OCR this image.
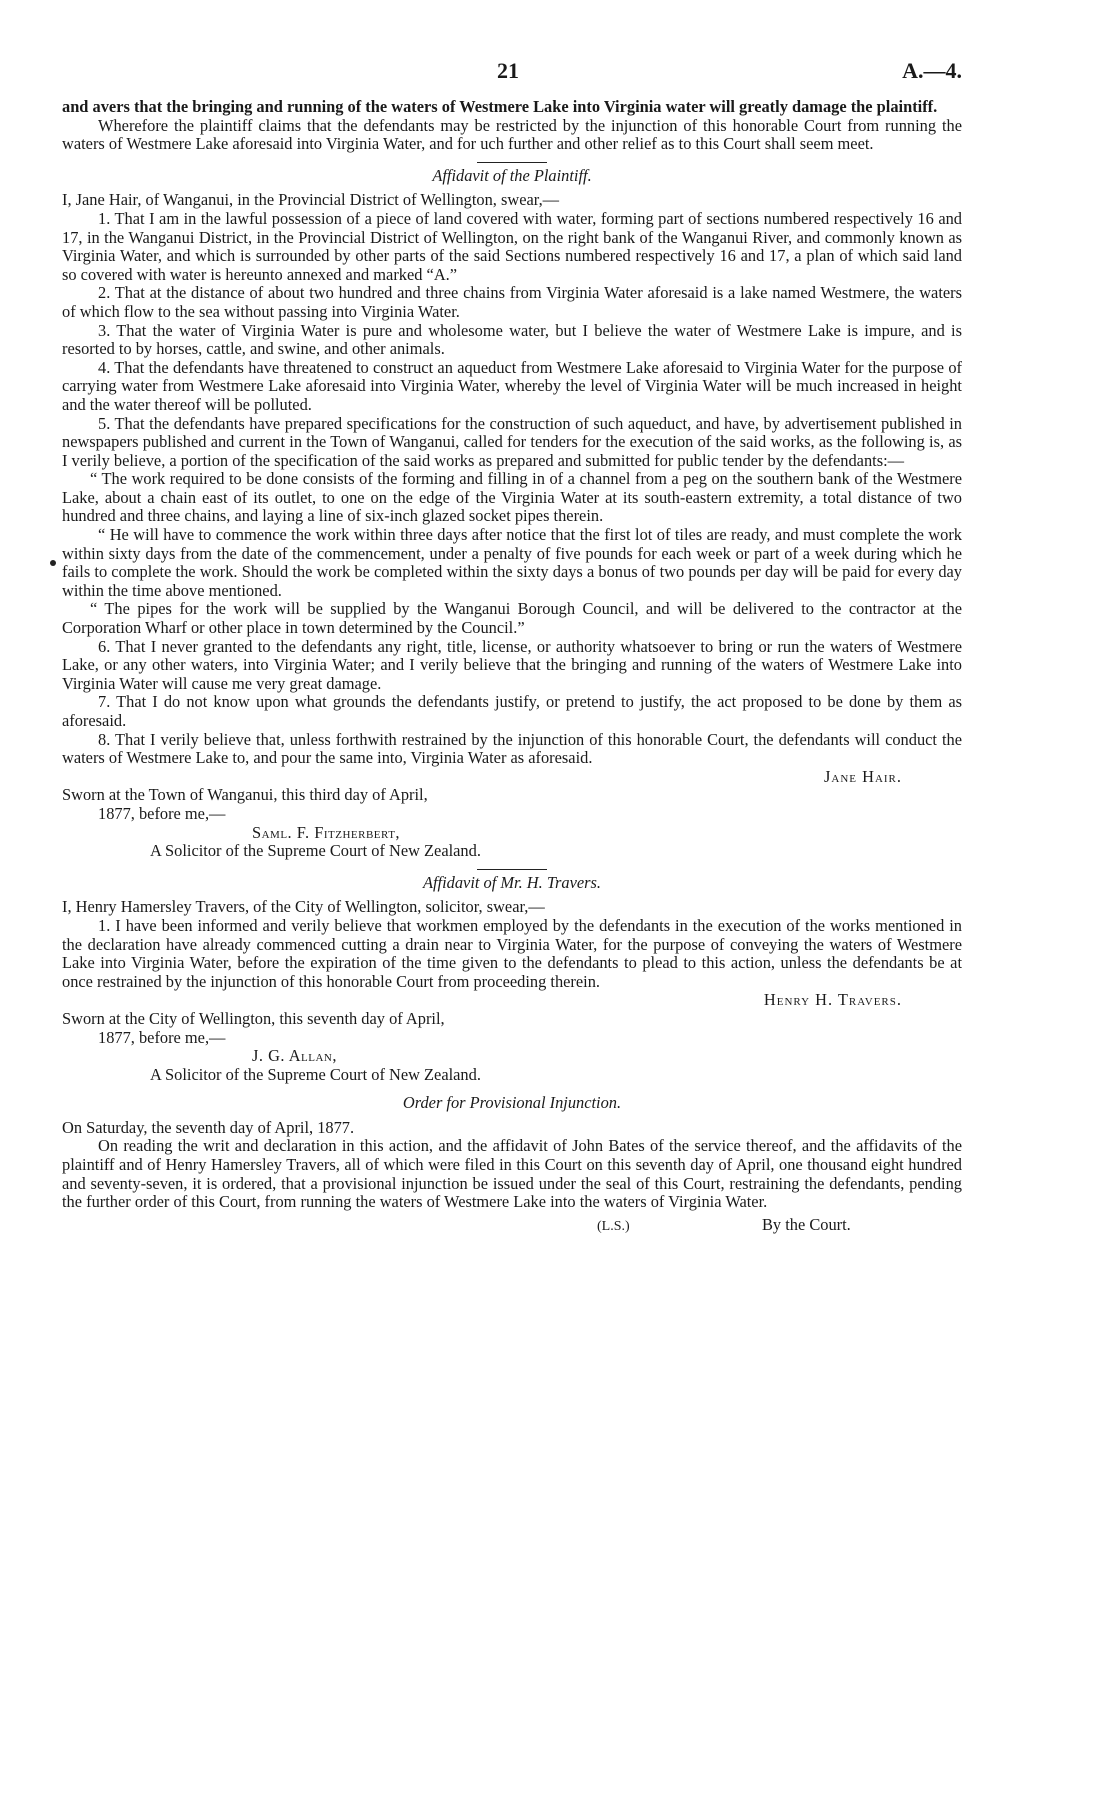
21	A.—4.

and avers that the bringing and running of the waters of Westmere Lake into Virginia water will greatly damage the plaintiff.

Wherefore the plaintiff claims that the defendants may be restricted by the injunction of this honorable Court from running the waters of Westmere Lake aforesaid into Virginia Water, and for uch further and other relief as to this Court shall seem meet.

Affidavit of the Plaintiff.

I, Jane Hair, of Wanganui, in the Provincial District of Wellington, swear,—

1. That I am in the lawful possession of a piece of land covered with water, forming part of sections numbered respectively 16 and 17, in the Wanganui District, in the Provincial District of Wellington, on the right bank of the Wanganui River, and commonly known as Virginia Water, and which is surrounded by other parts of the said Sections numbered respectively 16 and 17, a plan of which said land so covered with water is hereunto annexed and marked “A.”

2. That at the distance of about two hundred and three chains from Virginia Water aforesaid is a lake named Westmere, the waters of which flow to the sea without passing into Virginia Water.

3. That the water of Virginia Water is pure and wholesome water, but I believe the water of Westmere Lake is impure, and is resorted to by horses, cattle, and swine, and other animals.

4. That the defendants have threatened to construct an aqueduct from Westmere Lake aforesaid to Virginia Water for the purpose of carrying water from Westmere Lake aforesaid into Virginia Water, whereby the level of Virginia Water will be much increased in height and the water thereof will be polluted.

5. That the defendants have prepared specifications for the construction of such aqueduct, and have, by advertisement published in newspapers published and current in the Town of Wanganui, called for tenders for the execution of the said works, as the following is, as I verily believe, a portion of the specification of the said works as prepared and submitted for public tender by the defendants:—

“ The work required to be done consists of the forming and filling in of a channel from a peg on the southern bank of the Westmere Lake, about a chain east of its outlet, to one on the edge of the Virginia Water at its south-eastern extremity, a total distance of two hundred and three chains, and laying a line of six-inch glazed socket pipes therein.

“ He will have to commence the work within three days after notice that the first lot of tiles are ready, and must complete the work within sixty days from the date of the commencement, under a penalty of five pounds for each week or part of a week during which he fails to complete the work. Should the work be completed within the sixty days a bonus of two pounds per day will be paid for every day within the time above mentioned.

“ The pipes for the work will be supplied by the Wanganui Borough Council, and will be delivered to the contractor at the Corporation Wharf or other place in town determined by the Council.”

6. That I never granted to the defendants any right, title, license, or authority whatsoever to bring or run the waters of Westmere Lake, or any other waters, into Virginia Water; and I verily believe that the bringing and running of the waters of Westmere Lake into Virginia Water will cause me very great damage.

7. That I do not know upon what grounds the defendants justify, or pretend to justify, the act proposed to be done by them as aforesaid.

8. That I verily believe that, unless forthwith restrained by the injunction of this honorable Court, the defendants will conduct the waters of Westmere Lake to, and pour the same into, Virginia Water as aforesaid.

Jane Hair.

Sworn at the Town of Wanganui, this third day of April,

1877, before me,—

Saml. F. Fitzherbert,

A Solicitor of the Supreme Court of New Zealand.

Affidavit of Mr. H. Travers.

I, Henry Hamersley Travers, of the City of Wellington, solicitor, swear,—

1. I have been informed and verily believe that workmen employed by the defendants in the execution of the works mentioned in the declaration have already commenced cutting a drain near to Virginia Water, for the purpose of conveying the waters of Westmere Lake into Virginia Water, before the expiration of the time given to the defendants to plead to this action, unless the defendants be at once restrained by the injunction of this honorable Court from proceeding therein.

Henry H. Travers.

Sworn at the City of Wellington, this seventh day of April,

1877, before me,—

J. G. Allan,

A Solicitor of the Supreme Court of New Zealand.

Order for Provisional Injunction.

On Saturday, the seventh day of April, 1877.

On reading the writ and declaration in this action, and the affidavit of John Bates of the service thereof, and the affidavits of the plaintiff and of Henry Hamersley Travers, all of which were filed in this Court on this seventh day of April, one thousand eight hundred and seventy-seven, it is ordered, that a provisional injunction be issued under the seal of this Court, restraining the defendants, pending the further order of this Court, from running the waters of Westmere Lake into the waters of Virginia Water.

(L.S.)	By the Court.
